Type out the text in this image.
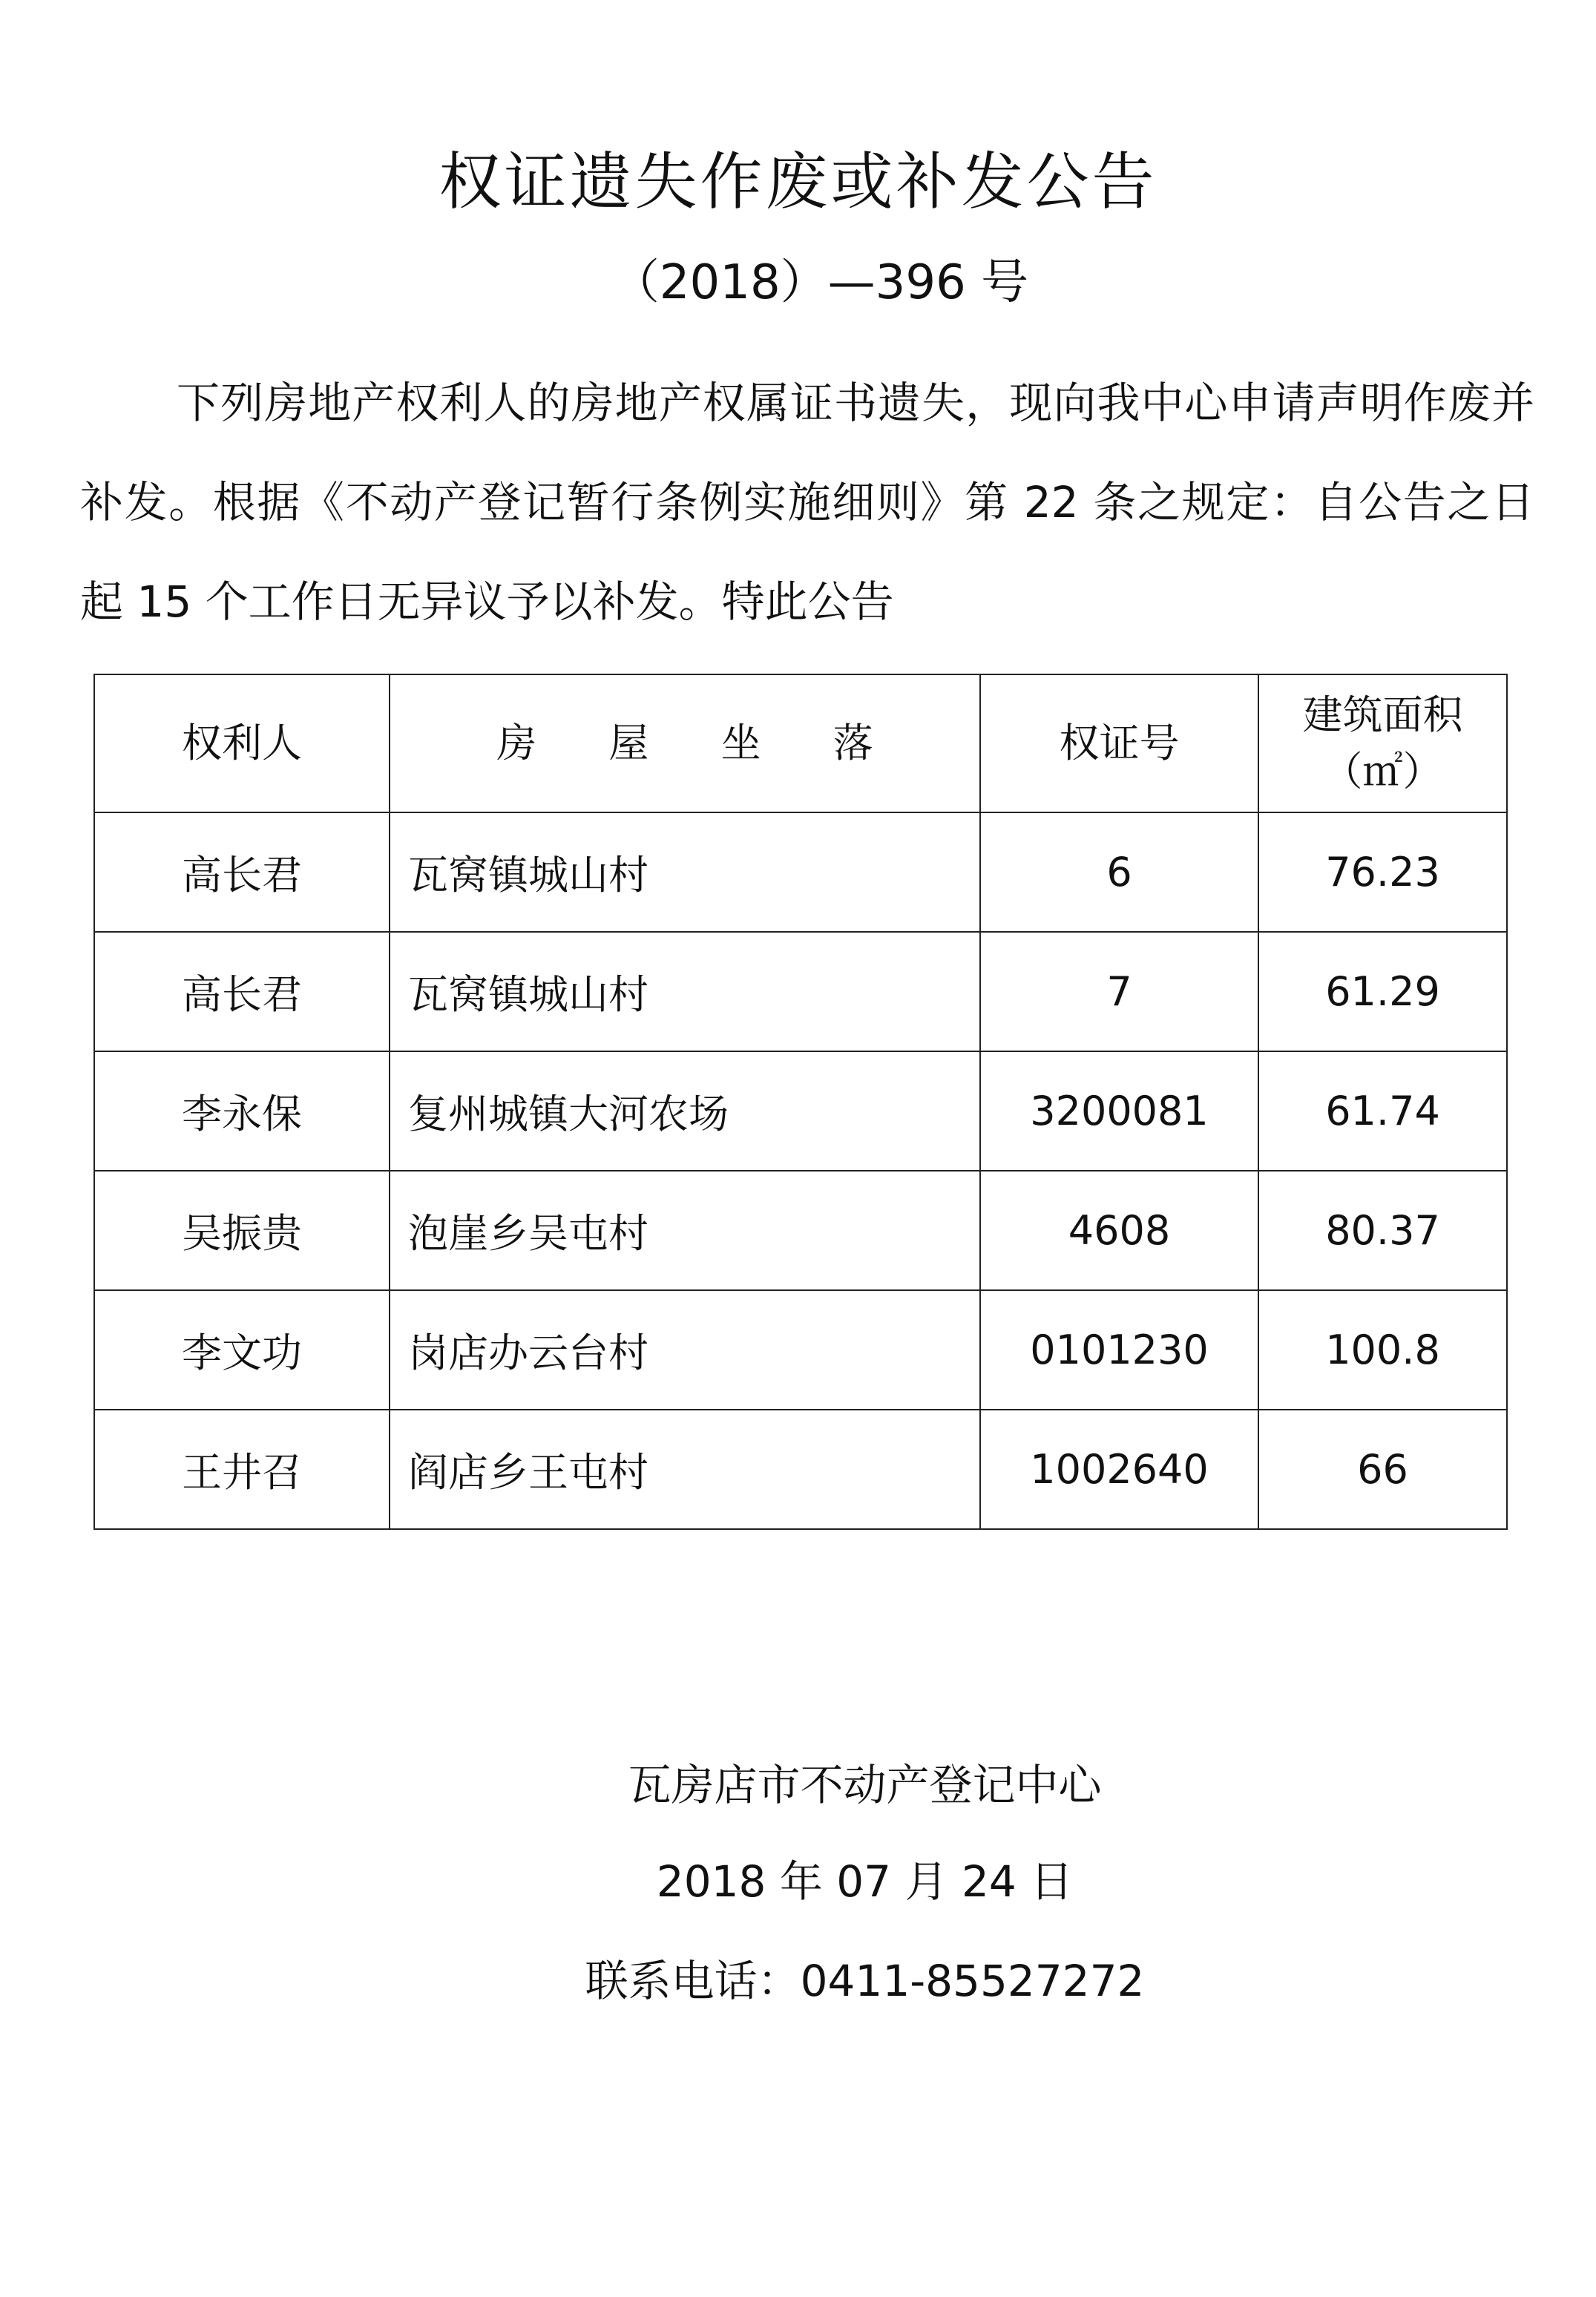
权证遗失作废或补发公告
（2018）—396 号
下列房地产权利人的房地产权属证书遗失，现向我中心申请声明作废并补发。根据《不动产登记暂行条例实施细则》第 22 条之规定：自公告之日起 15 个工作日无异议予以补发。特此公告
权利人	房 屋 坐 落	权证号	建筑面积
（㎡）

高长君	瓦窝镇城山村	6	76.23
高长君	瓦窝镇城山村	7	61.29
李永保	复州城镇大河农场	3200081	61.74
吴振贵	泡崖乡吴屯村	4608	80.37
李文功	岗店办云台村	0101230	100.8
王井召	阎店乡王屯村	1002640	66
瓦房店市不动产登记中心
2018 年 07 月 24 日
联系电话：0411-85527272
